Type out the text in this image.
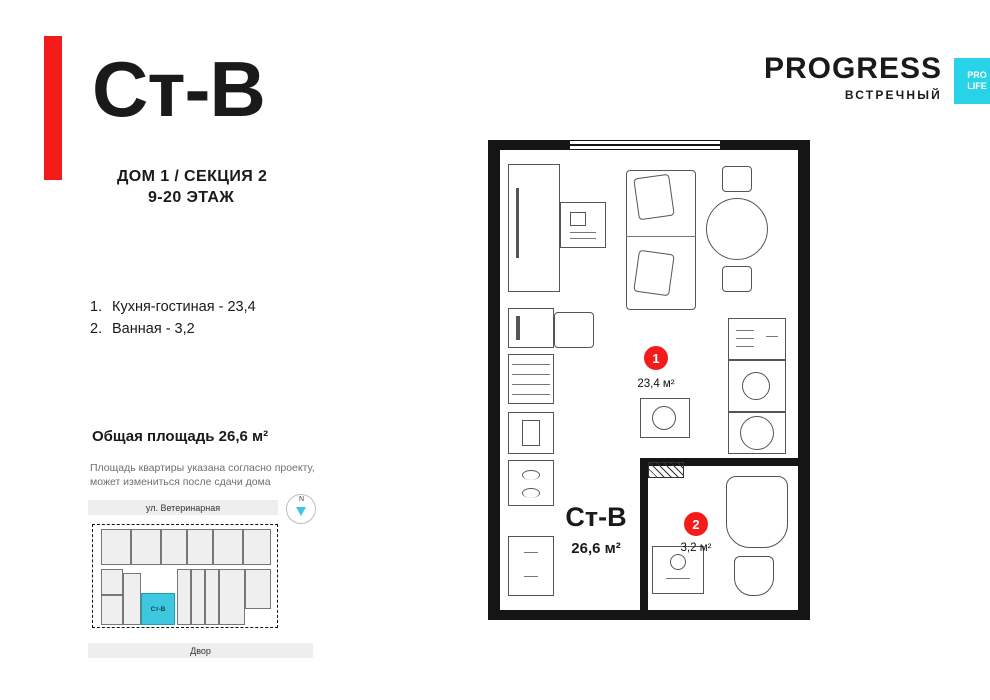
Ст-В
ДОМ 1 / СЕКЦИЯ 2
9-20 ЭТАЖ
1. Кухня-гостиная - 23,4
2. Ванная - 3,2
Общая площадь 26,6 м²
Площадь квартиры указана согласно проекту, может измениться после сдачи дома
ул. Ветеринарная
N
Ст-В
Двор
PROGRESS
ВСТРЕЧНЫЙ
PRO
LIFE
1
23,4 м²
2
3,2 м²
Ст-В
26,6 м²
